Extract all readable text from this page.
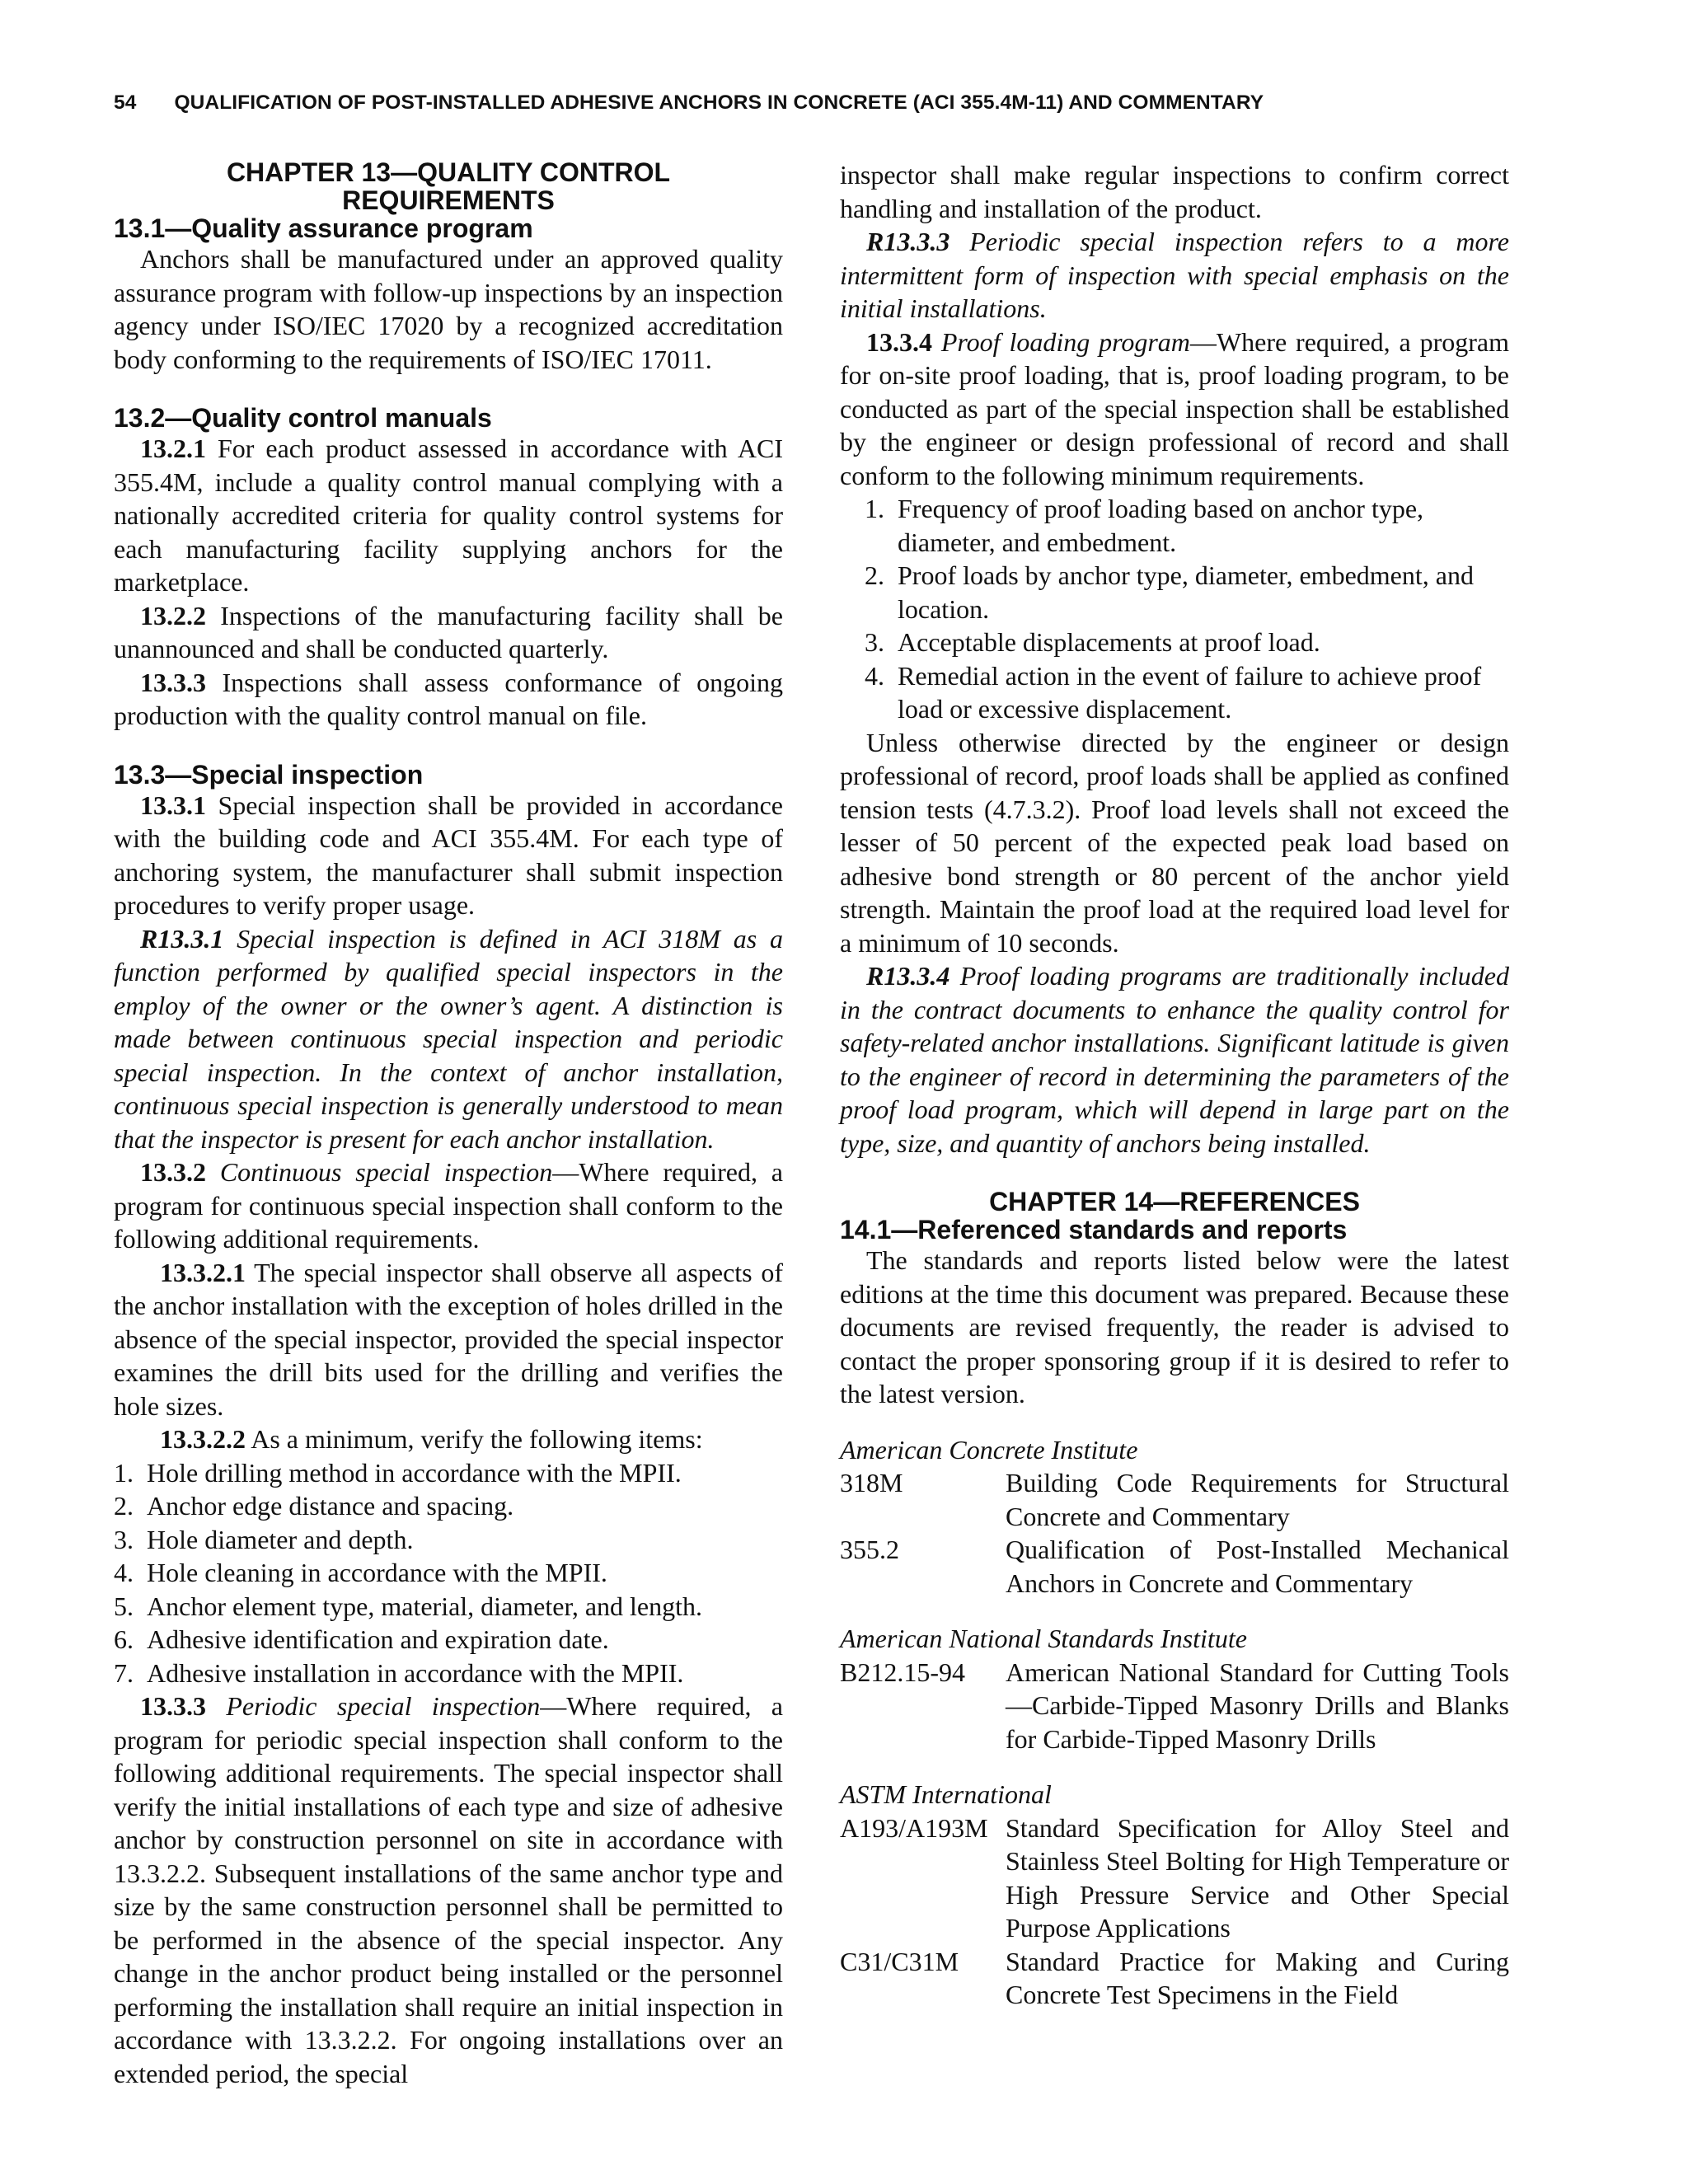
54 QUALIFICATION OF POST-INSTALLED ADHESIVE ANCHORS IN CONCRETE (ACI 355.4M-11) AND COMMENTARY
CHAPTER 13—QUALITY CONTROL
REQUIREMENTS
13.1—Quality assurance program

Anchors shall be manufactured under an approved quality assurance program with follow-up inspections by an inspection agency under ISO/IEC 17020 by a recognized accreditation body conforming to the requirements of ISO/IEC 17011.

13.2—Quality control manuals

13.2.1 For each product assessed in accordance with ACI 355.4M, include a quality control manual complying with a nationally accredited criteria for quality control systems for each manufacturing facility supplying anchors for the marketplace.

13.2.2 Inspections of the manufacturing facility shall be unannounced and shall be conducted quarterly.

13.3.3 Inspections shall assess conformance of ongoing production with the quality control manual on file.

13.3—Special inspection

13.3.1 Special inspection shall be provided in accordance with the building code and ACI 355.4M. For each type of anchoring system, the manufacturer shall submit inspection procedures to verify proper usage.

R13.3.1 Special inspection is defined in ACI 318M as a function performed by qualified special inspectors in the employ of the owner or the owner’s agent. A distinction is made between continuous special inspection and periodic special inspection. In the context of anchor installation, continuous special inspection is generally understood to mean that the inspector is present for each anchor installation.

13.3.2 Continuous special inspection—Where required, a program for continuous special inspection shall conform to the following additional requirements.

13.3.2.1 The special inspector shall observe all aspects of the anchor installation with the exception of holes drilled in the absence of the special inspector, provided the special inspector examines the drill bits used for the drilling and verifies the hole sizes.

13.3.2.2 As a minimum, verify the following items:

1. Hole drilling method in accordance with the MPII.
2. Anchor edge distance and spacing.
3. Hole diameter and depth.
4. Hole cleaning in accordance with the MPII.
5. Anchor element type, material, diameter, and length.
6. Adhesive identification and expiration date.
7. Adhesive installation in accordance with the MPII.

13.3.3 Periodic special inspection—Where required, a program for periodic special inspection shall conform to the following additional requirements. The special inspector shall verify the initial installations of each type and size of adhesive anchor by construction personnel on site in accordance with 13.3.2.2. Subsequent installations of the same anchor type and size by the same construction personnel shall be permitted to be performed in the absence of the special inspector. Any change in the anchor product being installed or the personnel performing the installation shall require an initial inspection in accordance with 13.3.2.2. For ongoing installations over an extended period, the special

inspector shall make regular inspections to confirm correct handling and installation of the product.

R13.3.3 Periodic special inspection refers to a more intermittent form of inspection with special emphasis on the initial installations.

13.3.4 Proof loading program—Where required, a program for on-site proof loading, that is, proof loading program, to be conducted as part of the special inspection shall be established by the engineer or design professional of record and shall conform to the following minimum requirements.

1. Frequency of proof loading based on anchor type, diameter, and embedment.
2. Proof loads by anchor type, diameter, embedment, and location.
3. Acceptable displacements at proof load.
4. Remedial action in the event of failure to achieve proof load or excessive displacement.

Unless otherwise directed by the engineer or design professional of record, proof loads shall be applied as confined tension tests (4.7.3.2). Proof load levels shall not exceed the lesser of 50 percent of the expected peak load based on adhesive bond strength or 80 percent of the anchor yield strength. Maintain the proof load at the required load level for a minimum of 10 seconds.

R13.3.4 Proof loading programs are traditionally included in the contract documents to enhance the quality control for safety-related anchor installations. Significant latitude is given to the engineer of record in determining the parameters of the proof load program, which will depend in large part on the type, size, and quantity of anchors being installed.

CHAPTER 14—REFERENCES
14.1—Referenced standards and reports

The standards and reports listed below were the latest editions at the time this document was prepared. Because these documents are revised frequently, the reader is advised to contact the proper sponsoring group if it is desired to refer to the latest version.

American Concrete Institute
318M	Building Code Requirements for Structural Concrete and Commentary
355.2	Qualification of Post-Installed Mechanical Anchors in Concrete and Commentary
American National Standards Institute
B212.15-94	American National Standard for Cutting Tools—Carbide-Tipped Masonry Drills and Blanks for Carbide-Tipped Masonry Drills
ASTM International
A193/A193M Standard Specification for Alloy Steel and Stainless Steel Bolting for High Temperature or High Pressure Service and Other Special Purpose Applications
C31/C31M	Standard Practice for Making and Curing Concrete Test Specimens in the Field
